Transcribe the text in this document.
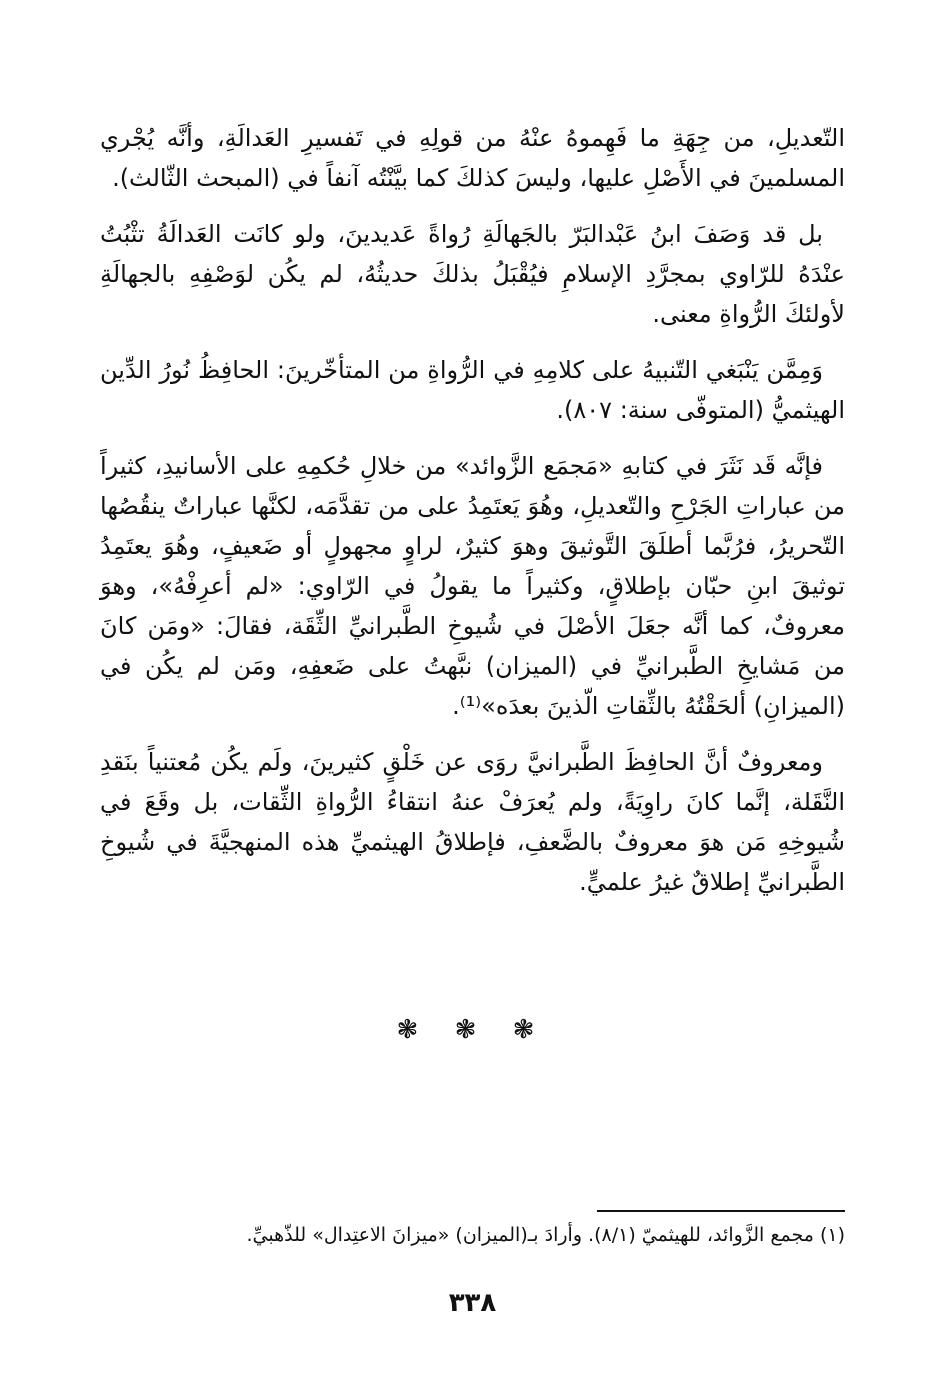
التّعديلِ، من جِهَةِ ما فَهِموهُ عنْهُ من قولِهِ في تَفسيرِ العَدالَةِ، وأنَّه يُجْري المسلمينَ في الأَصْلِ عليها، وليسَ كذلكَ كما بيَّنْتُه آنفاً في (المبحث الثّالث).

بل قد وَصَفَ ابنُ عَبْدالبَرّ بالجَهالَةِ رُواةً عَديدينَ، ولو كانَت العَدالَةُ تثْبُتُ عنْدَهُ للرّاوي بمجرَّدِ الإسلامِ فيُقْبَلُ بذلكَ حديثُهُ، لم يكُن لوَصْفِهِ بالجهالَةِ لأولئكَ الرُّواةِ معنى.

وَمِمَّن يَنْبَغي التّنبيهُ على كلامِهِ في الرُّواةِ من المتأخّرينَ: الحافِظُ نُورُ الدِّين الهيثميُّ (المتوفّى سنة: ٨٠٧).

فإنَّه قَد نَثَرَ في كتابهِ «مَجمَع الزَّوائد» من خلالِ حُكمِهِ على الأسانيدِ، كثيراً من عباراتِ الجَرْحِ والتّعديلِ، وهُوَ يَعتَمِدُ على من تقدَّمَه، لكنَّها عباراتٌ ينقُصُها التّحريرُ، فرُبَّما أطلَقَ التَّوثيقَ وهوَ كثيرٌ، لراوٍ مجهولٍ أو ضَعيفٍ، وهُوَ يعتَمِدُ توثيقَ ابنِ حبّان بإطلاقٍ، وكثيراً ما يقولُ في الرّاوي: «لم أعرِفْهُ»، وهوَ معروفٌ، كما أنَّه جعَلَ الأصْلَ في شُيوخِ الطَّبرانيِّ الثِّقَة، فقالَ: «ومَن كانَ من مَشايخِ الطَّبرانيِّ في (الميزان) نبَّهتُ على ضَعفِهِ، ومَن لم يكُن في (الميزانِ) ألحَقْتُهُ بالثِّقاتِ الّذينَ بعدَه»⁽¹⁾.

ومعروفٌ أنَّ الحافِظَ الطَّبرانيَّ روَى عن خَلْقٍ كثيرينَ، ولَم يكُن مُعتنياً بنَقدِ النَّقَلة، إنَّما كانَ راوِيَةً، ولم يُعرَفْ عنهُ انتقاءُ الرُّواةِ الثِّقات، بل وقَعَ في شُيوخِهِ مَن هوَ معروفٌ بالضَّعفِ، فإطلاقُ الهيثميِّ هذه المنهجيَّةَ في شُيوخِ الطَّبرانيِّ إطلاقٌ غيرُ علميٍّ.

❃ ❃ ❃
(١) مجمع الزَّوائد، للهيثميّ (٨/١). وأرادَ بـ(الميزان) «ميزانَ الاعتِدال» للذّهبيِّ.
٣٣٨
